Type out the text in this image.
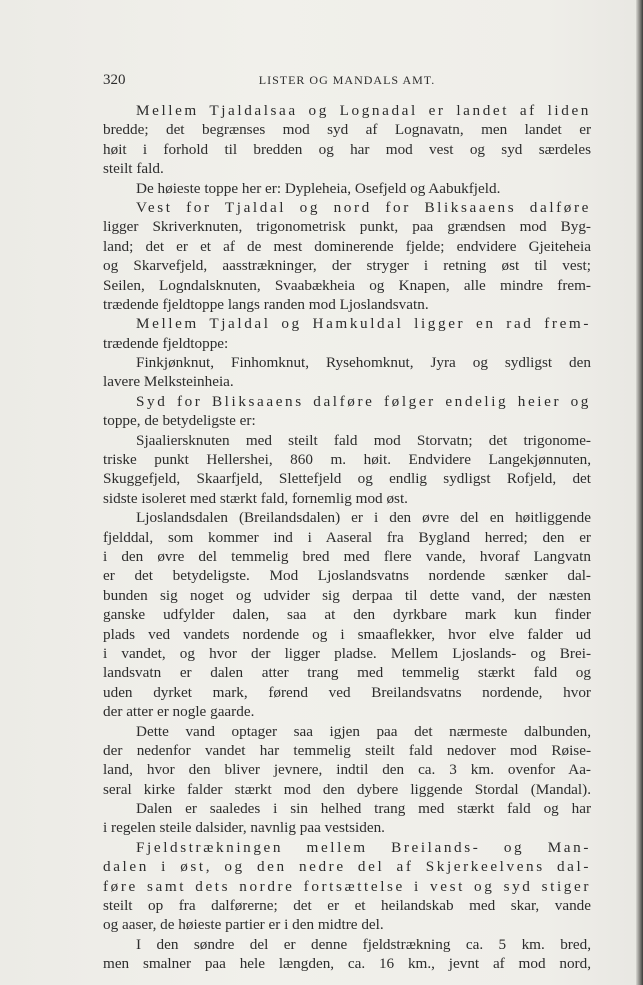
320	LISTER OG MANDALS AMT.
Mellem Tjaldalsaa og Lognadal er landet af liden
bredde; det begrænses mod syd af Lognavatn, men landet er
høit i forhold til bredden og har mod vest og syd særdeles
steilt fald.
De høieste toppe her er: Dypleheia, Osefjeld og Aabukfjeld.
Vest for Tjaldal og nord for Bliksaaens dalføre
ligger Skriverknuten, trigonometrisk punkt, paa grændsen mod Byg-
land; det er et af de mest dominerende fjelde; endvidere Gjeiteheia
og Skarvefjeld, aasstrækninger, der stryger i retning øst til vest;
Seilen, Logndalsknuten, Svaabækheia og Knapen, alle mindre frem-
trædende fjeldtoppe langs randen mod Ljoslandsvatn.
Mellem Tjaldal og Hamkuldal ligger en rad frem-
trædende fjeldtoppe:
Finkjønknut, Finhomknut, Rysehomknut, Jyra og sydligst den
lavere Melksteinheia.
Syd for Bliksaaens dalføre følger endelig heier og
toppe, de betydeligste er:
Sjaaliersknuten med steilt fald mod Storvatn; det trigonome-
triske punkt Hellershei, 860 m. høit. Endvidere Langekjønnuten,
Skuggefjeld, Skaarfjeld, Slettefjeld og endlig sydligst Rofjeld, det
sidste isoleret med stærkt fald, fornemlig mod øst.
Ljoslandsdalen (Breilandsdalen) er i den øvre del en høitliggende
fjelddal, som kommer ind i Aaseral fra Bygland herred; den er
i den øvre del temmelig bred med flere vande, hvoraf Langvatn
er det betydeligste. Mod Ljoslandsvatns nordende sænker dal-
bunden sig noget og udvider sig derpaa til dette vand, der næsten
ganske udfylder dalen, saa at den dyrkbare mark kun finder
plads ved vandets nordende og i smaaflekker, hvor elve falder ud
i vandet, og hvor der ligger pladse. Mellem Ljoslands- og Brei-
landsvatn er dalen atter trang med temmelig stærkt fald og
uden dyrket mark, førend ved Breilandsvatns nordende, hvor
der atter er nogle gaarde.
Dette vand optager saa igjen paa det nærmeste dalbunden,
der nedenfor vandet har temmelig steilt fald nedover mod Røise-
land, hvor den bliver jevnere, indtil den ca. 3 km. ovenfor Aa-
seral kirke falder stærkt mod den dybere liggende Stordal (Mandal).
Dalen er saaledes i sin helhed trang med stærkt fald og har
i regelen steile dalsider, navnlig paa vestsiden.
Fjeldstrækningen mellem Breilands- og Man-
dalen i øst, og den nedre del af Skjerkeelvens dal-
føre samt dets nordre fortsættelse i vest og syd stiger
steilt op fra dalførerne; det er et heilandskab med skar, vande
og aaser, de høieste partier er i den midtre del.
I den søndre del er denne fjeldstrækning ca. 5 km. bred,
men smalner paa hele længden, ca. 16 km., jevnt af mod nord,
